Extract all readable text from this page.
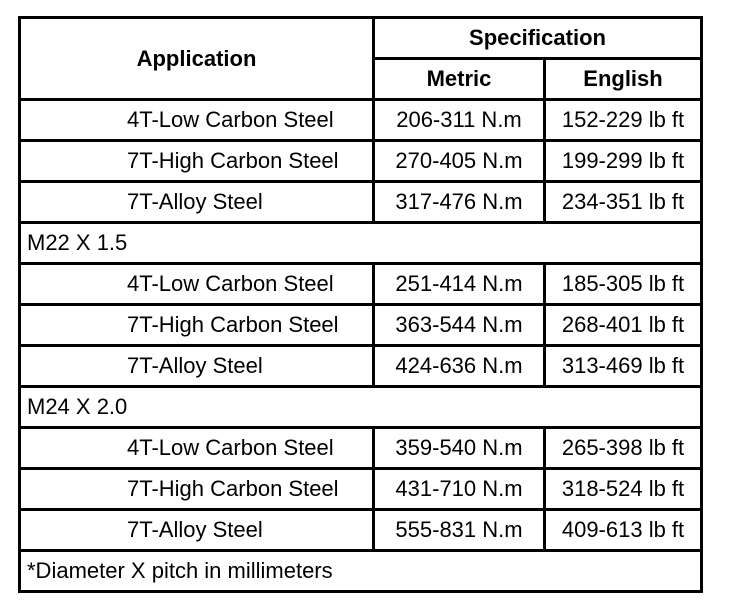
Application	Specification	
	Metric	English
4T-Low Carbon Steel	206-311 N.m	152-229 lb ft
7T-High Carbon Steel	270-405 N.m	199-299 lb ft
7T-Alloy Steel	317-476 N.m	234-351 lb ft
M22 X 1.5		
4T-Low Carbon Steel	251-414 N.m	185-305 lb ft
7T-High Carbon Steel	363-544 N.m	268-401 lb ft
7T-Alloy Steel	424-636 N.m	313-469 lb ft
M24 X 2.0		
4T-Low Carbon Steel	359-540 N.m	265-398 lb ft
7T-High Carbon Steel	431-710 N.m	318-524 lb ft
7T-Alloy Steel	555-831 N.m	409-613 lb ft
*Diameter X pitch in millimeters		
